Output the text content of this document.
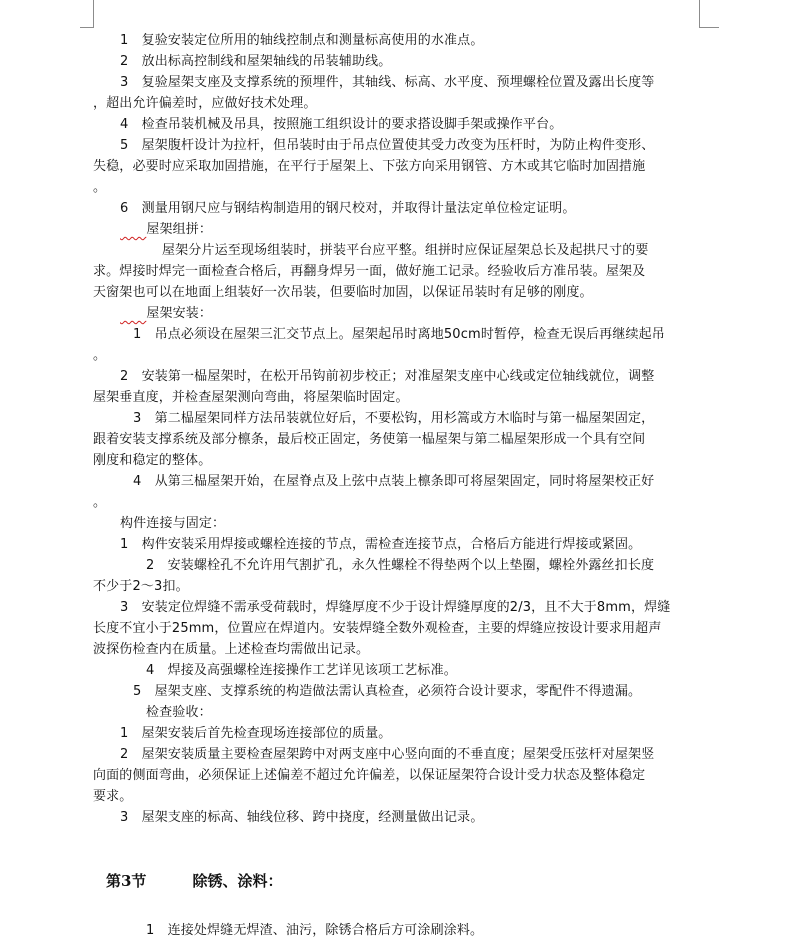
1　复验安装定位所用的轴线控制点和测量标高使用的水准点。

2　放出标高控制线和屋架轴线的吊装辅助线。

3　复验屋架支座及支撑系统的预埋件，其轴线、标高、水平度、预埋螺栓位置及露出长度等

，超出允许偏差时，应做好技术处理。

4　检查吊装机械及吊具，按照施工组织设计的要求搭设脚手架或操作平台。

5　屋架腹杆设计为拉杆，但吊装时由于吊点位置使其受力改变为压杆时，为防止构件变形、

失稳，必要时应采取加固措施，在平行于屋架上、下弦方向采用钢管、方木或其它临时加固措施

。

6　测量用钢尺应与钢结构制造用的钢尺校对，并取得计量法定单位检定证明。

　　屋架组拼：

屋架分片运至现场组装时，拼装平台应平整。组拼时应保证屋架总长及起拱尺寸的要

求。焊接时焊完一面检查合格后，再翻身焊另一面，做好施工记录。经验收后方准吊装。屋架及

天窗架也可以在地面上组装好一次吊装，但要临时加固，以保证吊装时有足够的刚度。

　　屋架安装：

1　吊点必须设在屋架三汇交节点上。屋架起吊时离地50cm时暂停，检查无误后再继续起吊

。

2　安装第一榀屋架时，在松开吊钩前初步校正；对准屋架支座中心线或定位轴线就位，调整

屋架垂直度，并检查屋架测向弯曲，将屋架临时固定。

3　第二榀屋架同样方法吊装就位好后，不要松钩，用杉篙或方木临时与第一榀屋架固定，

跟着安装支撑系统及部分檩条，最后校正固定，务使第一榀屋架与第二榀屋架形成一个具有空间

刚度和稳定的整体。

4　从第三榀屋架开始，在屋脊点及上弦中点装上檩条即可将屋架固定，同时将屋架校正好

。

构件连接与固定：

1　构件安装采用焊接或螺栓连接的节点，需检查连接节点，合格后方能进行焊接或紧固。

2　安装螺栓孔不允许用气割扩孔，永久性螺栓不得垫两个以上垫圈，螺栓外露丝扣长度

不少于2～3扣。

3　安装定位焊缝不需承受荷载时，焊缝厚度不少于设计焊缝厚度的2/3，且不大于8mm，焊缝

长度不宜小于25mm，位置应在焊道内。安装焊缝全数外观检查，主要的焊缝应按设计要求用超声

波探伤检查内在质量。上述检查均需做出记录。

4　焊接及高强螺栓连接操作工艺详见该项工艺标准。

5　屋架支座、支撑系统的构造做法需认真检查，必须符合设计要求，零配件不得遗漏。

检查验收：

1　屋架安装后首先检查现场连接部位的质量。

2　屋架安装质量主要检查屋架跨中对两支座中心竖向面的不垂直度；屋架受压弦杆对屋架竖

向面的侧面弯曲，必须保证上述偏差不超过允许偏差，以保证屋架符合设计受力状态及整体稳定

要求。

3　屋架支座的标高、轴线位移、跨中挠度，经测量做出记录。

第3节	除锈、涂料：

1　连接处焊缝无焊渣、油污，除锈合格后方可涂刷涂料。
